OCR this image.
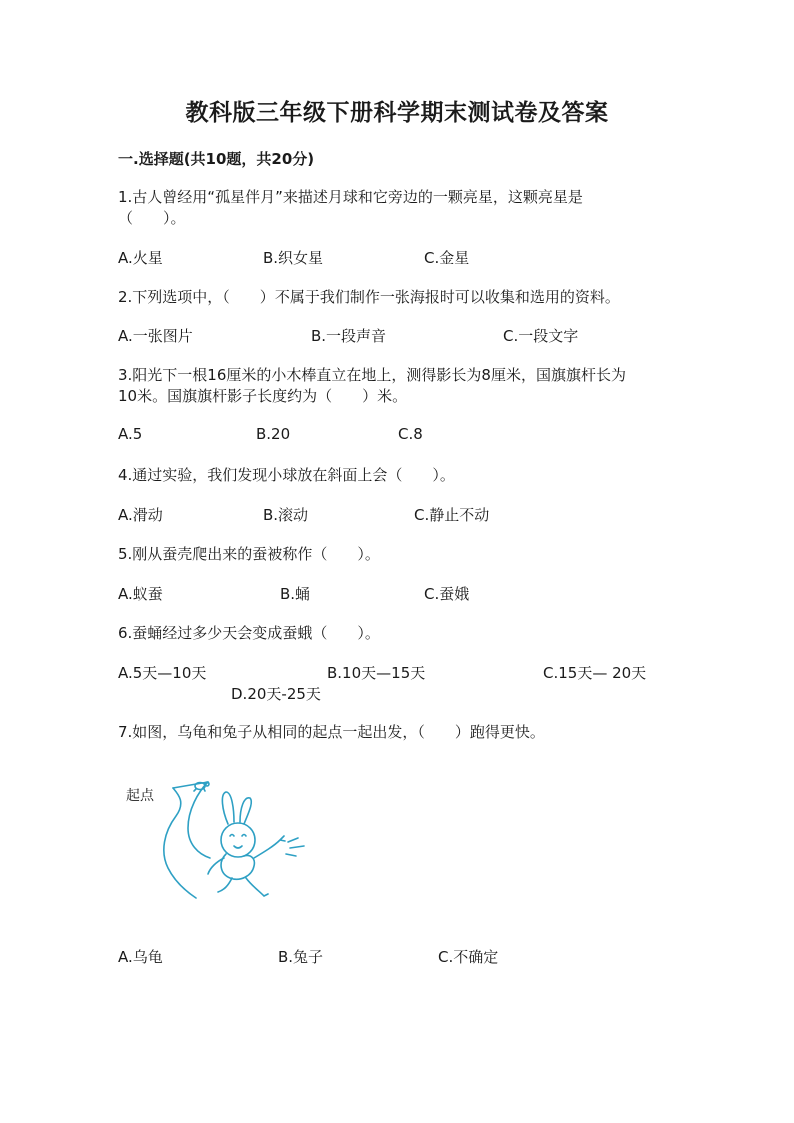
教科版三年级下册科学期末测试卷及答案
一.选择题(共10题，共20分)
1.古人曾经用“孤星伴月”来描述月球和它旁边的一颗亮星，这颗亮星是
（　　）。
A.火星	B.织女星	C.金星
2.下列选项中，（　　）不属于我们制作一张海报时可以收集和选用的资料。
A.一张图片	B.一段声音	C.一段文字
3.阳光下一根16厘米的小木棒直立在地上，测得影长为8厘米，国旗旗杆长为
10米。国旗旗杆影子长度约为（　　）米。
A.5	B.20	C.8
4.通过实验，我们发现小球放在斜面上会（　　）。
A.滑动	B.滚动	C.静止不动
5.刚从蚕壳爬出来的蚕被称作（　　）。
A.蚁蚕	B.蛹	C.蚕娥
6.蚕蛹经过多少天会变成蚕蛾（　　）。
A.5天—10天	B.10天—15天	C.15天— 20天
D.20天-25天
7.如图，乌龟和兔子从相同的起点一起出发，（　　）跑得更快。
起点
A.乌龟	B.兔子	C.不确定
